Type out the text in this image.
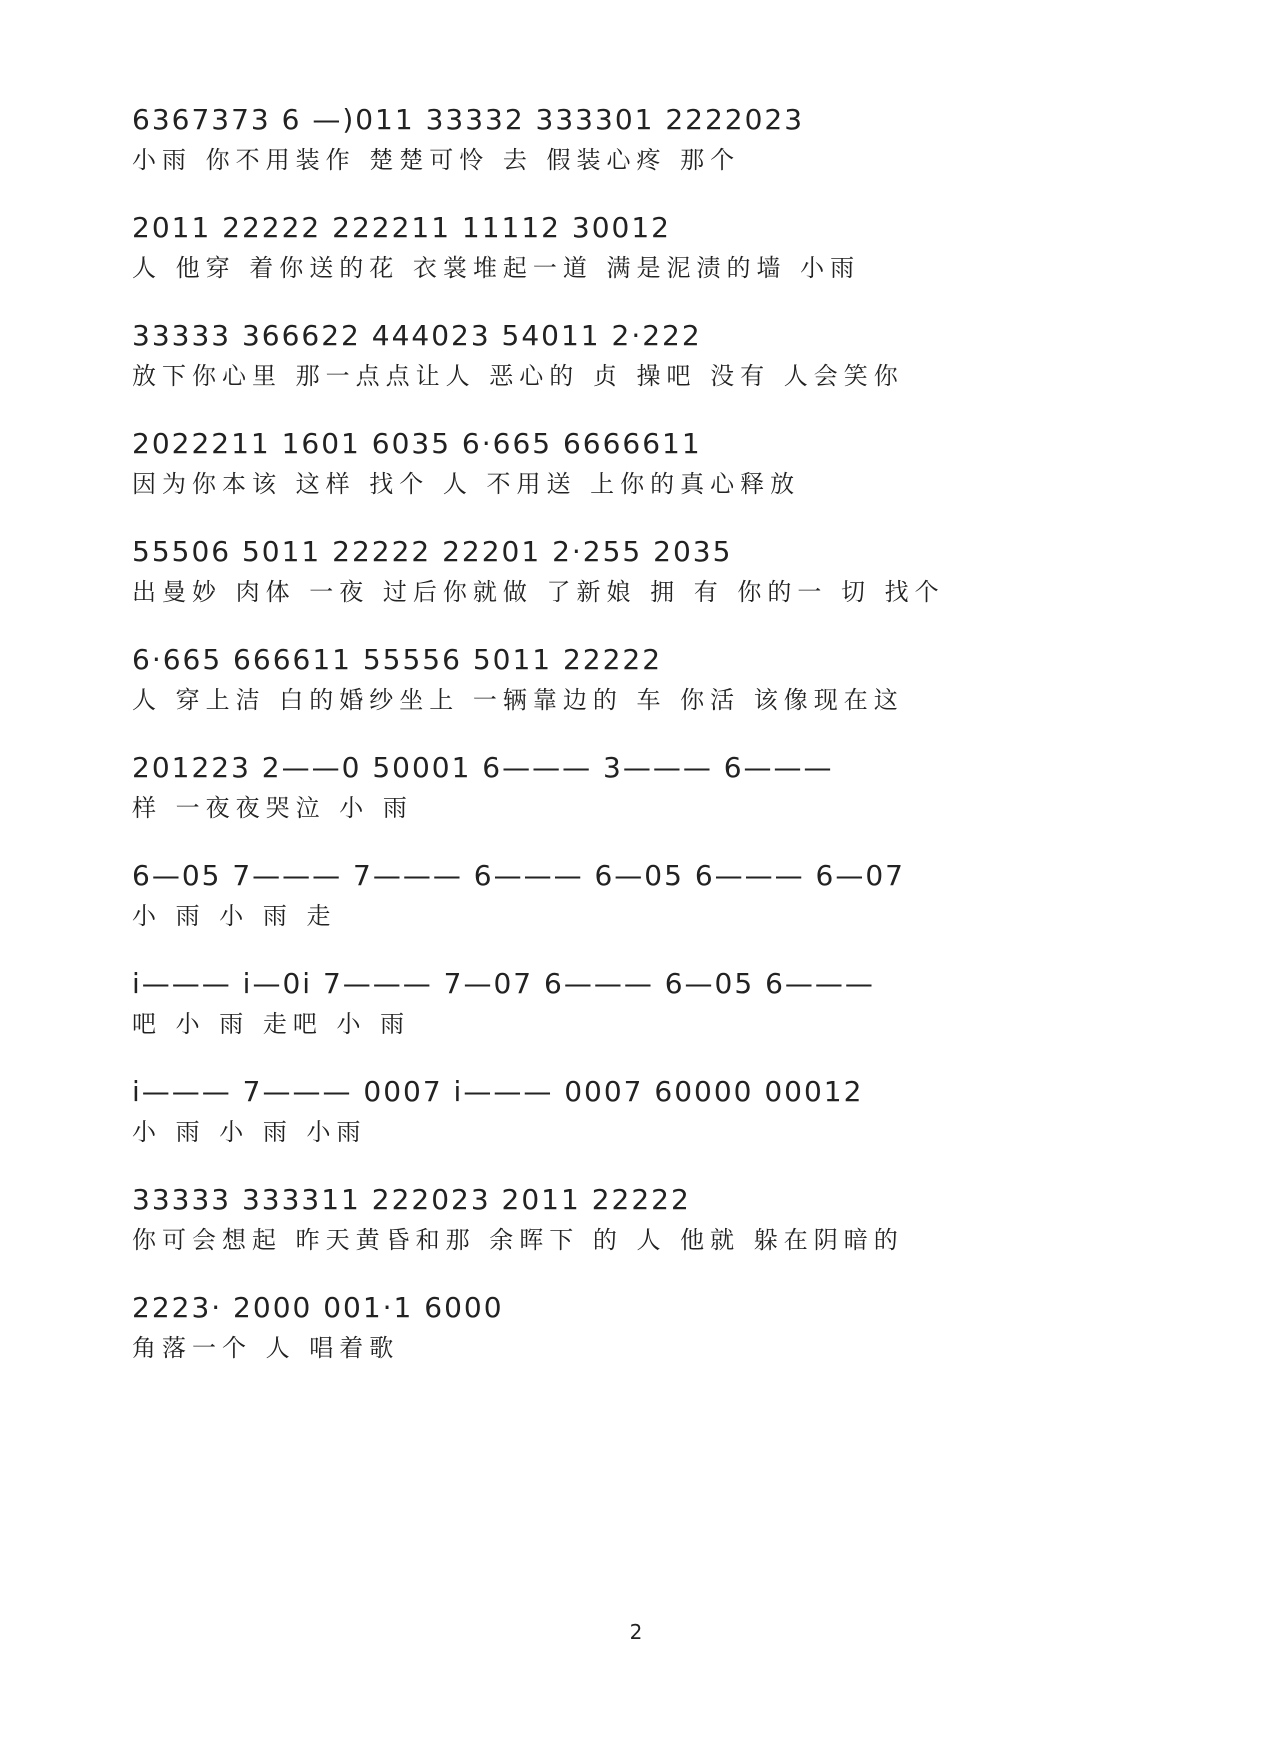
6367373 6 —)011 33332 333301 2222023
小雨 你不用装作 楚楚可怜 去 假装心疼 那个
2011 22222 222211 11112 30012
人 他穿 着你送的花 衣裳堆起一道 满是泥渍的墙 小雨
33333 366622 444023 54011 2·222
放下你心里 那一点点让人 恶心的 贞 操吧 没有 人会笑你
2022211 1601 6035 6·665 6666611
因为你本该 这样 找个 人 不用送 上你的真心释放
55506 5011 22222 22201 2·255 2035
出曼妙 肉体 一夜 过后你就做 了新娘 拥 有 你的一 切 找个
6·665 666611 55556 5011 22222
人 穿上洁 白的婚纱坐上 一辆靠边的 车 你活 该像现在这
201223 2——0 50001 6——— 3——— 6———
样 一夜夜哭泣 小 雨
6—05 7——— 7——— 6——— 6—05 6——— 6—07
小 雨 小 雨 走
i——— i—0i 7——— 7—07 6——— 6—05 6———
吧 小 雨 走吧 小 雨
i——— 7——— 0007 i——— 0007 60000 00012
小 雨 小 雨 小雨
33333 333311 222023 2011 22222
你可会想起 昨天黄昏和那 余晖下 的 人 他就 躲在阴暗的
2223· 2000 001·1 6000
角落一个 人 唱着歌
2
